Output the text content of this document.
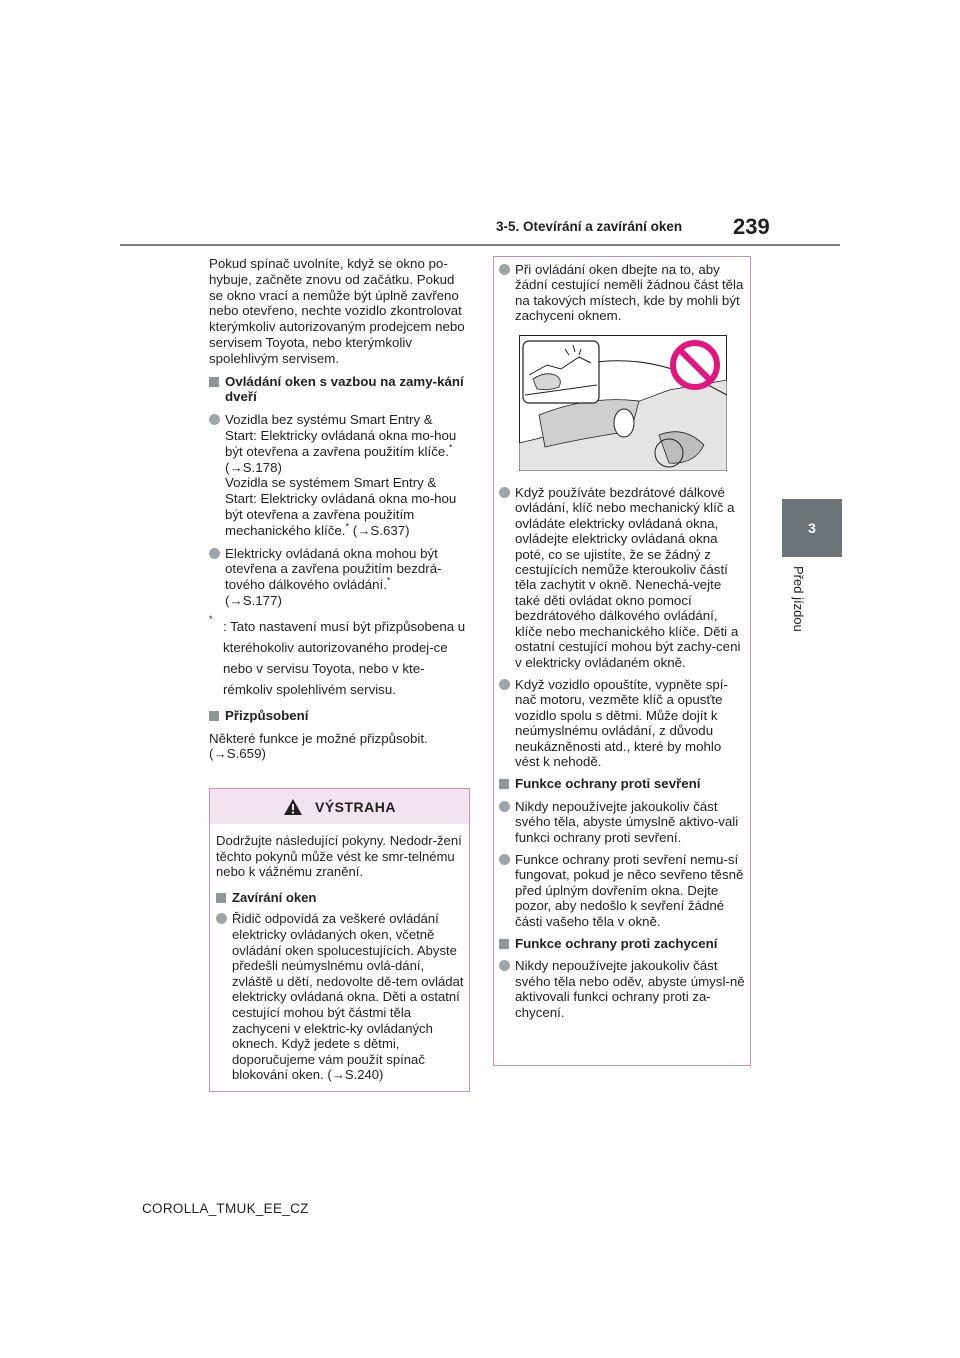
3-5. Otevírání a zavírání oken 239
3
Před jízdou

Pokud spínač uvolníte, když se okno po-hybuje, začněte znovu od začátku. Pokud se okno vrací a nemůže být úplně zavřeno nebo otevřeno, nechte vozidlo zkontrolovat kterýmkoliv autorizovaným prodejcem nebo servisem Toyota, nebo kterýmkoliv spolehlivým servisem.

Ovládání oken s vazbou na zamy-kání dveří
Vozidla bez systému Smart Entry & Start: Elektricky ovládaná okna mo-hou být otevřena a zavřena použitím klíče.* (→S.178)
Vozidla se systémem Smart Entry & Start: Elektricky ovládaná okna mo-hou být otevřena a zavřena použitím mechanického klíče.* (→S.637)
Elektricky ovládaná okna mohou být otevřena a zavřena použitím bezdrá-tového dálkového ovládání.*
(→S.177)
* : Tato nastavení musí být přizpůsobena u kteréhokoliv autorizovaného prodej-ce nebo v servisu Toyota, nebo v kte-rémkoliv spolehlivém servisu.
Přizpůsobení

Některé funkce je možné přizpůsobit.
(→S.659)

VÝSTRAHA

Dodržujte následující pokyny. Nedodr-žení těchto pokynů může vést ke smr-telnému nebo k vážnému zranění.

Zavírání oken
Řidič odpovídá za veškeré ovládání elektricky ovládaných oken, včetně ovládání oken spolucestujících. Abyste předešli neúmyslnému ovlá-dání, zvláště u dětí, nedovolte dě-tem ovládat elektricky ovládaná okna. Děti a ostatní cestující mohou být částmi těla zachyceni v elektric-ky ovládaných oknech. Když jedete s dětmi, doporučujeme vám použít spínač blokování oken. (→S.240)
Při ovládání oken dbejte na to, aby žádní cestující neměli žádnou část těla na takových místech, kde by mohli být zachyceni oknem.
Když používáte bezdrátové dálkové ovládání, klíč nebo mechanický klíč a ovládáte elektricky ovládaná okna, ovládejte elektricky ovládaná okna poté, co se ujistíte, že se žádný z cestujících nemůže kteroukoliv částí těla zachytit v okně. Nenechá-vejte také děti ovládat okno pomocí bezdrátového dálkového ovládání, klíče nebo mechanického klíče. Děti a ostatní cestující mohou být zachy-ceni v elektricky ovládaném okně.
Když vozidlo opouštíte, vypněte spí-nač motoru, vezměte klíč a opusťte vozidlo spolu s dětmi. Může dojít k neúmyslnému ovládání, z důvodu neukázněnosti atd., které by mohlo vést k nehodě.
Funkce ochrany proti sevření
Nikdy nepoužívejte jakoukoliv část svého těla, abyste úmyslně aktivo-vali funkci ochrany proti sevření.
Funkce ochrany proti sevření nemu-sí fungovat, pokud je něco sevřeno těsně před úplným dovřením okna. Dejte pozor, aby nedošlo k sevření žádné části vašeho těla v okně.
Funkce ochrany proti zachycení
Nikdy nepoužívejte jakoukoliv část svého těla nebo oděv, abyste úmysl-ně aktivovali funkci ochrany proti za-chycení.
COROLLA_TMUK_EE_CZ
